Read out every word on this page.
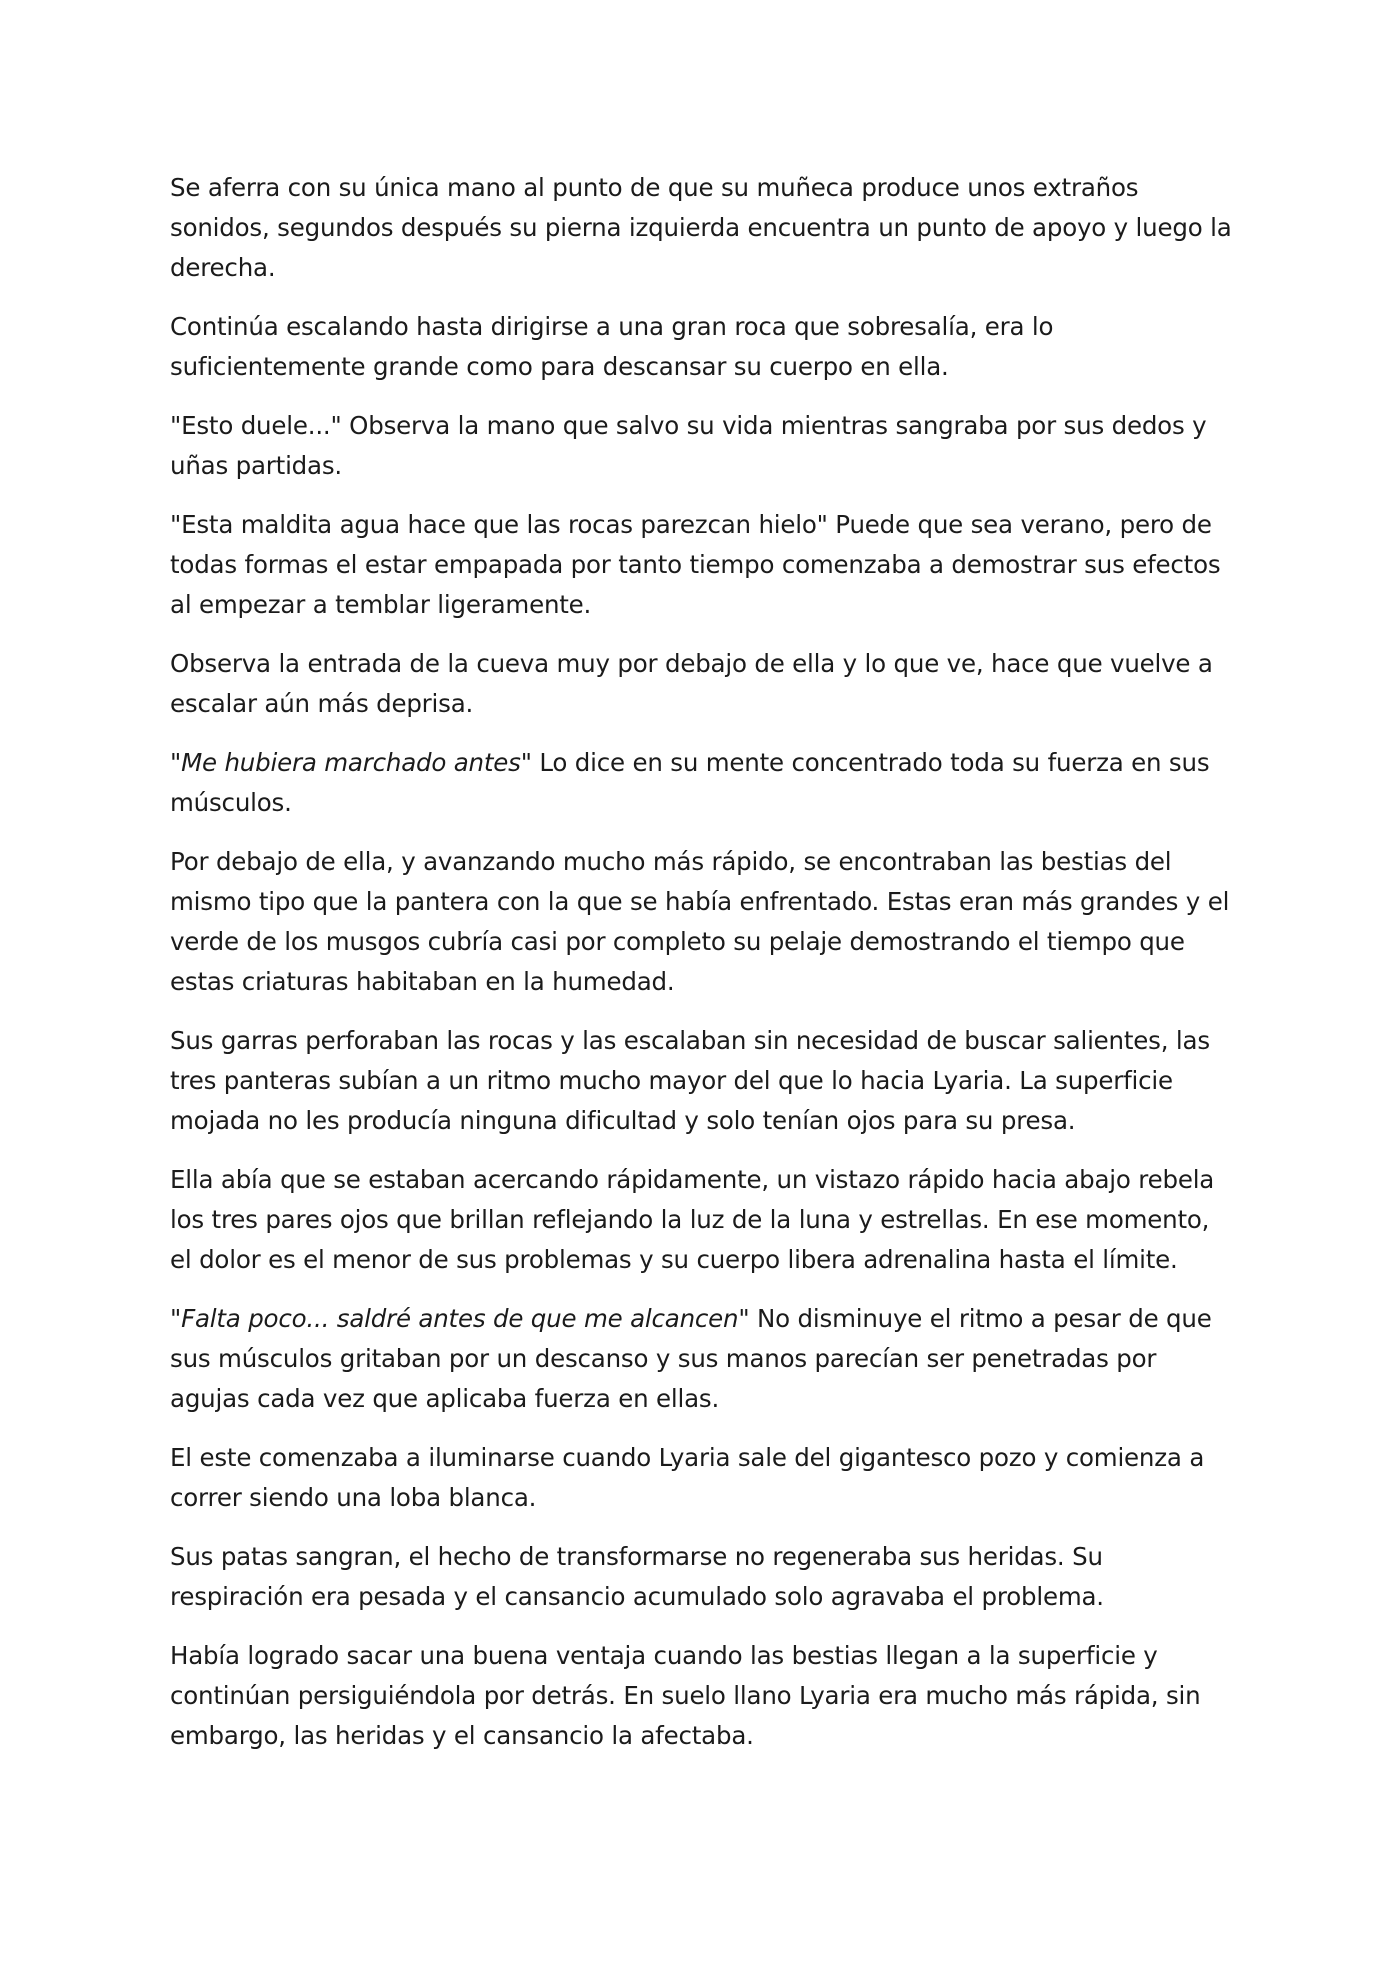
Se aferra con su única mano al punto de que su muñeca produce unos extraños sonidos, segundos después su pierna izquierda encuentra un punto de apoyo y luego la derecha.

Continúa escalando hasta dirigirse a una gran roca que sobresalía, era lo suficientemente grande como para descansar su cuerpo en ella.

"Esto duele..." Observa la mano que salvo su vida mientras sangraba por sus dedos y uñas partidas.

"Esta maldita agua hace que las rocas parezcan hielo" Puede que sea verano, pero de todas formas el estar empapada por tanto tiempo comenzaba a demostrar sus efectos al empezar a temblar ligeramente.

Observa la entrada de la cueva muy por debajo de ella y lo que ve, hace que vuelve a escalar aún más deprisa.

"Me hubiera marchado antes" Lo dice en su mente concentrado toda su fuerza en sus músculos.

Por debajo de ella, y avanzando mucho más rápido, se encontraban las bestias del mismo tipo que la pantera con la que se había enfrentado. Estas eran más grandes y el verde de los musgos cubría casi por completo su pelaje demostrando el tiempo que estas criaturas habitaban en la humedad.

Sus garras perforaban las rocas y las escalaban sin necesidad de buscar salientes, las tres panteras subían a un ritmo mucho mayor del que lo hacia Lyaria. La superficie mojada no les producía ninguna dificultad y solo tenían ojos para su presa.

Ella abía que se estaban acercando rápidamente, un vistazo rápido hacia abajo rebela los tres pares ojos que brillan reflejando la luz de la luna y estrellas. En ese momento, el dolor es el menor de sus problemas y su cuerpo libera adrenalina hasta el límite.

"Falta poco... saldré antes de que me alcancen" No disminuye el ritmo a pesar de que sus músculos gritaban por un descanso y sus manos parecían ser penetradas por agujas cada vez que aplicaba fuerza en ellas.

El este comenzaba a iluminarse cuando Lyaria sale del gigantesco pozo y comienza a correr siendo una loba blanca.

Sus patas sangran, el hecho de transformarse no regeneraba sus heridas. Su respiración era pesada y el cansancio acumulado solo agravaba el problema.

Había logrado sacar una buena ventaja cuando las bestias llegan a la superficie y continúan persiguiéndola por detrás. En suelo llano Lyaria era mucho más rápida, sin embargo, las heridas y el cansancio la afectaba.
